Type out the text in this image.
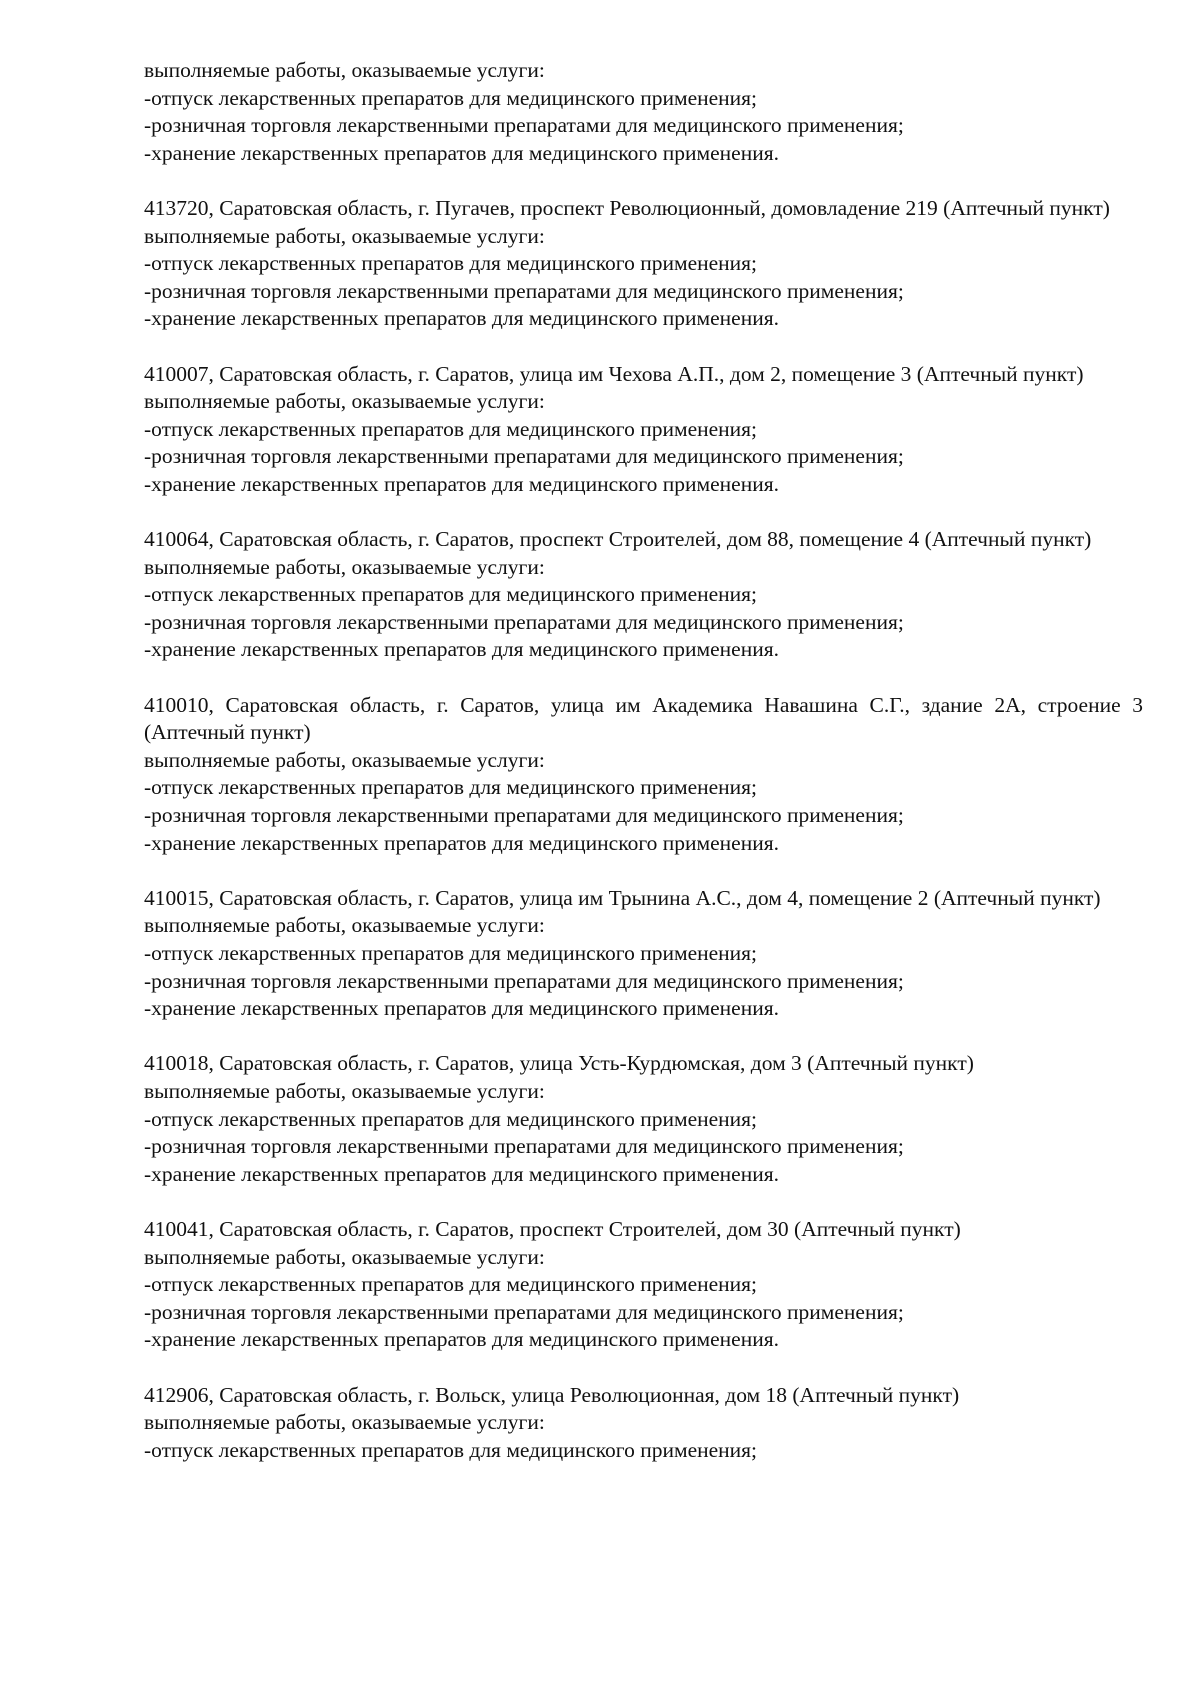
выполняемые работы, оказываемые услуги:
-отпуск лекарственных препаратов для медицинского применения;
-розничная торговля лекарственными препаратами для медицинского применения;
-хранение лекарственных препаратов для медицинского применения.
413720, Саратовская область, г. Пугачев, проспект Революционный, домовладение 219 (Аптечный пункт)
выполняемые работы, оказываемые услуги:
-отпуск лекарственных препаратов для медицинского применения;
-розничная торговля лекарственными препаратами для медицинского применения;
-хранение лекарственных препаратов для медицинского применения.
410007, Саратовская область, г. Саратов, улица им Чехова А.П., дом 2, помещение 3 (Аптечный пункт)
выполняемые работы, оказываемые услуги:
-отпуск лекарственных препаратов для медицинского применения;
-розничная торговля лекарственными препаратами для медицинского применения;
-хранение лекарственных препаратов для медицинского применения.
410064, Саратовская область, г. Саратов, проспект Строителей, дом 88, помещение 4 (Аптечный пункт)
выполняемые работы, оказываемые услуги:
-отпуск лекарственных препаратов для медицинского применения;
-розничная торговля лекарственными препаратами для медицинского применения;
-хранение лекарственных препаратов для медицинского применения.
410010, Саратовская область, г. Саратов, улица им Академика Навашина С.Г., здание 2А, строение 3 (Аптечный пункт)
выполняемые работы, оказываемые услуги:
-отпуск лекарственных препаратов для медицинского применения;
-розничная торговля лекарственными препаратами для медицинского применения;
-хранение лекарственных препаратов для медицинского применения.
410015, Саратовская область, г. Саратов, улица им Трынина А.С., дом 4, помещение 2 (Аптечный пункт)
выполняемые работы, оказываемые услуги:
-отпуск лекарственных препаратов для медицинского применения;
-розничная торговля лекарственными препаратами для медицинского применения;
-хранение лекарственных препаратов для медицинского применения.
410018, Саратовская область, г. Саратов, улица Усть-Курдюмская, дом 3 (Аптечный пункт)
выполняемые работы, оказываемые услуги:
-отпуск лекарственных препаратов для медицинского применения;
-розничная торговля лекарственными препаратами для медицинского применения;
-хранение лекарственных препаратов для медицинского применения.
410041, Саратовская область, г. Саратов, проспект Строителей, дом 30 (Аптечный пункт)
выполняемые работы, оказываемые услуги:
-отпуск лекарственных препаратов для медицинского применения;
-розничная торговля лекарственными препаратами для медицинского применения;
-хранение лекарственных препаратов для медицинского применения.
412906, Саратовская область, г. Вольск, улица Революционная, дом 18 (Аптечный пункт)
выполняемые работы, оказываемые услуги:
-отпуск лекарственных препаратов для медицинского применения;
